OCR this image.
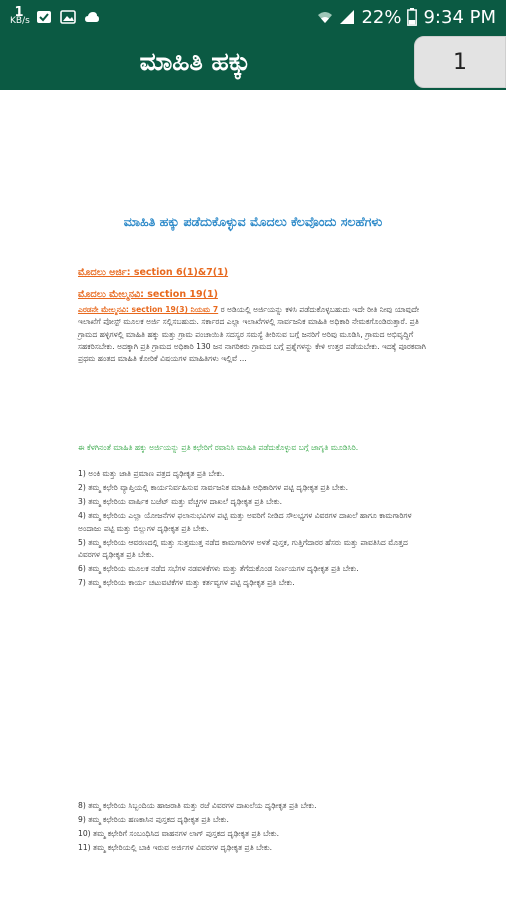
1
KB/s	22% 9:34 PM
ಮಾಹಿತಿ ಹಕ್ಕು	1
ಮಾಹಿತಿ ಹಕ್ಕು ಪಡೆದುಕೊಳ್ಳುವ ಮೊದಲು ಕೆಲವೊಂದು ಸಲಹೆಗಳು
ಮೊದಲು ಅರ್ಜಿ: section 6(1)&7(1)
ಮೊದಲು ಮೇಲ್ಮನವಿ: section 19(1)
ಎರಡನೇ ಮೇಲ್ಮನವಿ: section 19(3) ನಿಯಮ 7 ರ ಅಡಿಯಲ್ಲಿ ಅರ್ಜಿಯನ್ನು ಕಳಿಸಿ ಪಡೆದುಕೊಳ್ಳಬಹುದು ಇದೇ ರೀತಿ ನೀವು ಯಾವುದೇ ಇಲಾಖೆಗೆ ಪೋಸ್ಟ್ ಮೂಲಕ ಅರ್ಜಿ ಸಲ್ಲಿಸಬಹುದು. ಸರ್ಕಾರದ ಎಲ್ಲಾ ಇಲಾಖೆಗಳಲ್ಲಿ ಸಾರ್ವಜನಿಕ ಮಾಹಿತಿ ಅಧಿಕಾರಿ ನೇಮಕಗೊಂಡಿರುತ್ತಾರೆ. ಪ್ರತಿ ಗ್ರಾಮದ ಹಳ್ಳಿಗಳಲ್ಲಿ ಮಾಹಿತಿ ಹಕ್ಕು ಮತ್ತು ಗ್ರಾಮ ಪಂಚಾಯಿತಿ ಸದಸ್ಯರ ಸಮಸ್ಯೆ ತೀರಿಸುವ ಬಗ್ಗೆ ಜನರಿಗೆ ಅರಿವು ಮೂಡಿಸಿ, ಗ್ರಾಮದ ಅಭಿವೃದ್ಧಿಗೆ ಸಹಕರಿಸಬೇಕು. ಅದಕ್ಕಾಗಿ ಪ್ರತಿ ಗ್ರಾಮದ ಅಧಿಕಾರಿ 130 ಜನ ನಾಗರಿಕರು ಗ್ರಾಮದ ಬಗ್ಗೆ ಪ್ರಶ್ನೆಗಳನ್ನು ಕೇಳಿ ಉತ್ತರ ಪಡೆಯಬೇಕು. ಇದಕ್ಕೆ ಪೂರಕವಾಗಿ ಪ್ರಥಮ ಹಂತದ ಮಾಹಿತಿ ಕೋರಿಕೆ ವಿಷಯಗಳ ಮಾಹಿತಿಗಳು ಇಲ್ಲಿವೆ ...
ಈ ಕೆಳಗಿನಂತೆ ಮಾಹಿತಿ ಹಕ್ಕು ಅರ್ಜಿಯನ್ನು ಪ್ರತಿ ಕಛೇರಿಗೆ ರವಾನಿಸಿ ಮಾಹಿತಿ ಪಡೆದುಕೊಳ್ಳುವ ಬಗ್ಗೆ ಜಾಗೃತಿ ಮೂಡಿಸಿರಿ.
1) ಅಂಕಿ ಮತ್ತು ಜಾತಿ ಪ್ರಮಾಣ ಪತ್ರದ ದೃಢೀಕೃತ ಪ್ರತಿ ಬೇಕು.
2) ತಮ್ಮ ಕಛೇರಿ ವ್ಯಾಪ್ತಿಯಲ್ಲಿ ಕಾರ್ಯನಿರ್ವಹಿಸುವ ಸಾರ್ವಜನಿಕ ಮಾಹಿತಿ ಅಧಿಕಾರಿಗಳ ಪಟ್ಟಿ ದೃಢೀಕೃತ ಪ್ರತಿ ಬೇಕು.
3) ತಮ್ಮ ಕಛೇರಿಯ ವಾರ್ಷಿಕ ಬಜೆಟ್ ಮತ್ತು ವೆಚ್ಚಗಳ ದಾಖಲೆ ದೃಢೀಕೃತ ಪ್ರತಿ ಬೇಕು.
4) ತಮ್ಮ ಕಛೇರಿಯ ಎಲ್ಲಾ ಯೋಜನೆಗಳ ಫಲಾನುಭವಿಗಳ ಪಟ್ಟಿ ಮತ್ತು ಅವರಿಗೆ ನೀಡಿದ ಸೌಲಭ್ಯಗಳ ವಿವರಗಳ ದಾಖಲೆ ಹಾಗೂ ಕಾಮಗಾರಿಗಳ ಅಂದಾಜು ಪಟ್ಟಿ ಮತ್ತು ಬಿಲ್ಲುಗಳ ದೃಢೀಕೃತ ಪ್ರತಿ ಬೇಕು.
5) ತಮ್ಮ ಕಛೇರಿಯ ಆವರಣದಲ್ಲಿ ಮತ್ತು ಸುತ್ತಮುತ್ತ ನಡೆದ ಕಾಮಗಾರಿಗಳ ಅಳತೆ ಪುಸ್ತಕ, ಗುತ್ತಿಗೆದಾರರ ಹೆಸರು ಮತ್ತು ಪಾವತಿಸಿದ ಮೊತ್ತದ ವಿವರಗಳ ದೃಢೀಕೃತ ಪ್ರತಿ ಬೇಕು.
6) ತಮ್ಮ ಕಛೇರಿಯ ಮೂಲಕ ನಡೆದ ಸಭೆಗಳ ನಡವಳಿಕೆಗಳು ಮತ್ತು ತೆಗೆದುಕೊಂಡ ನಿರ್ಣಯಗಳ ದೃಢೀಕೃತ ಪ್ರತಿ ಬೇಕು.
7) ತಮ್ಮ ಕಛೇರಿಯ ಕಾರ್ಯ ಚಟುವಟಿಕೆಗಳ ಮತ್ತು ಕರ್ತವ್ಯಗಳ ಪಟ್ಟಿ ದೃಢೀಕೃತ ಪ್ರತಿ ಬೇಕು.
8) ತಮ್ಮ ಕಛೇರಿಯ ಸಿಬ್ಬಂದಿಯ ಹಾಜರಾತಿ ಮತ್ತು ರಜೆ ವಿವರಗಳ ದಾಖಲೆಯ ದೃಢೀಕೃತ ಪ್ರತಿ ಬೇಕು.
9) ತಮ್ಮ ಕಛೇರಿಯ ಹಣಕಾಸಿನ ಪುಸ್ತಕದ ದೃಢೀಕೃತ ಪ್ರತಿ ಬೇಕು.
10) ತಮ್ಮ ಕಛೇರಿಗೆ ಸಂಬಂಧಿಸಿದ ವಾಹನಗಳ ಲಾಗ್ ಪುಸ್ತಕದ ದೃಢೀಕೃತ ಪ್ರತಿ ಬೇಕು.
11) ತಮ್ಮ ಕಛೇರಿಯಲ್ಲಿ ಬಾಕಿ ಇರುವ ಅರ್ಜಿಗಳ ವಿವರಗಳ ದೃಢೀಕೃತ ಪ್ರತಿ ಬೇಕು.
